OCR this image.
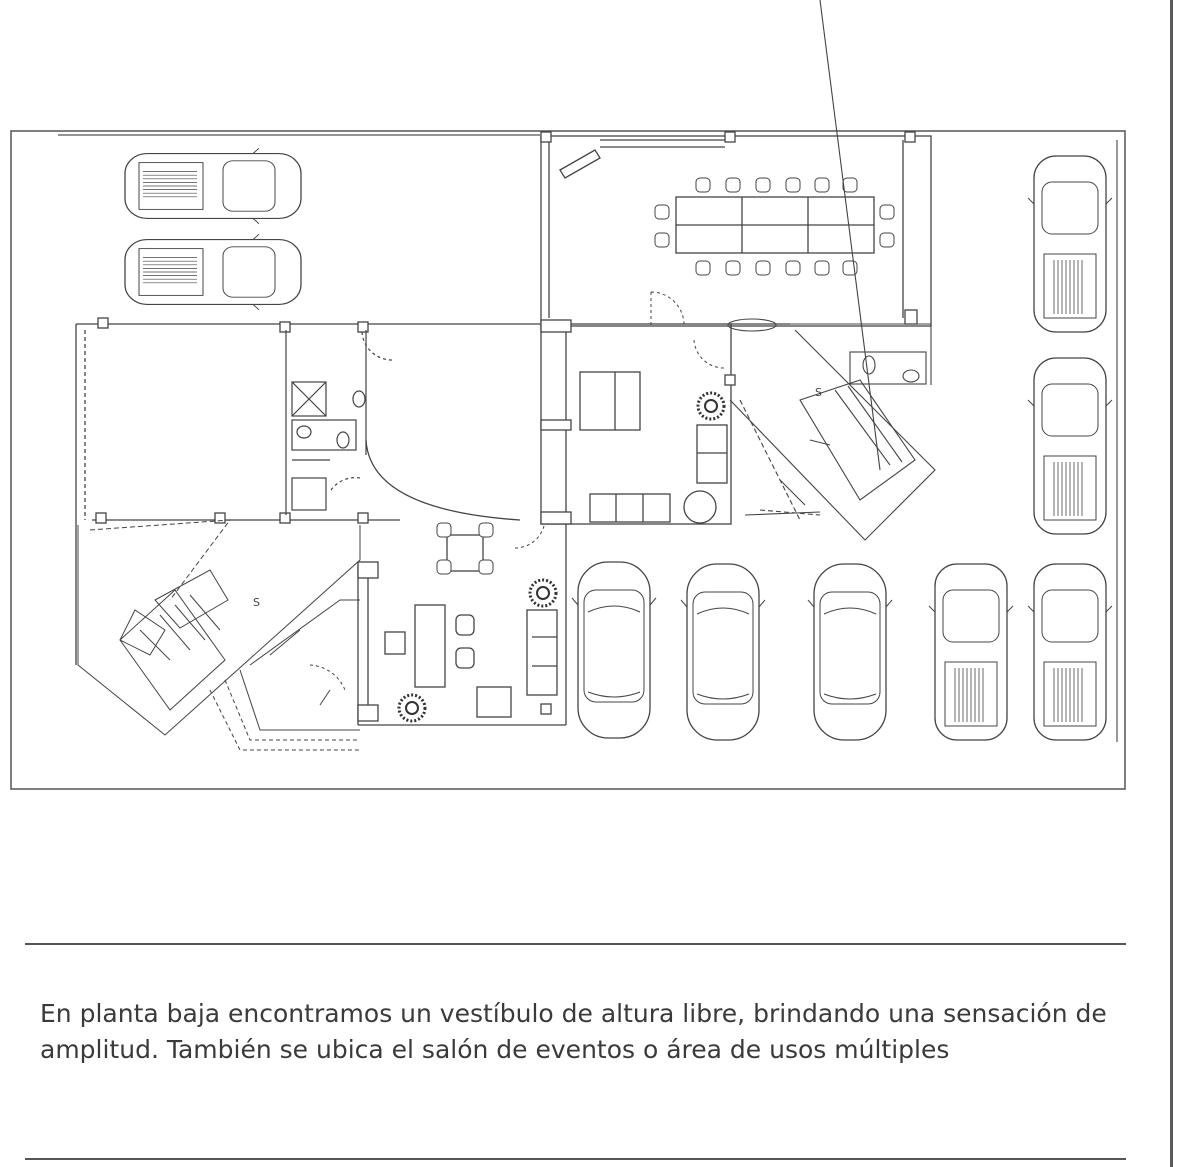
S
S

En planta baja encontramos un vestíbulo de altura libre, brindando una sensación de amplitud. También se ubica el salón de eventos o área de usos múltiples
